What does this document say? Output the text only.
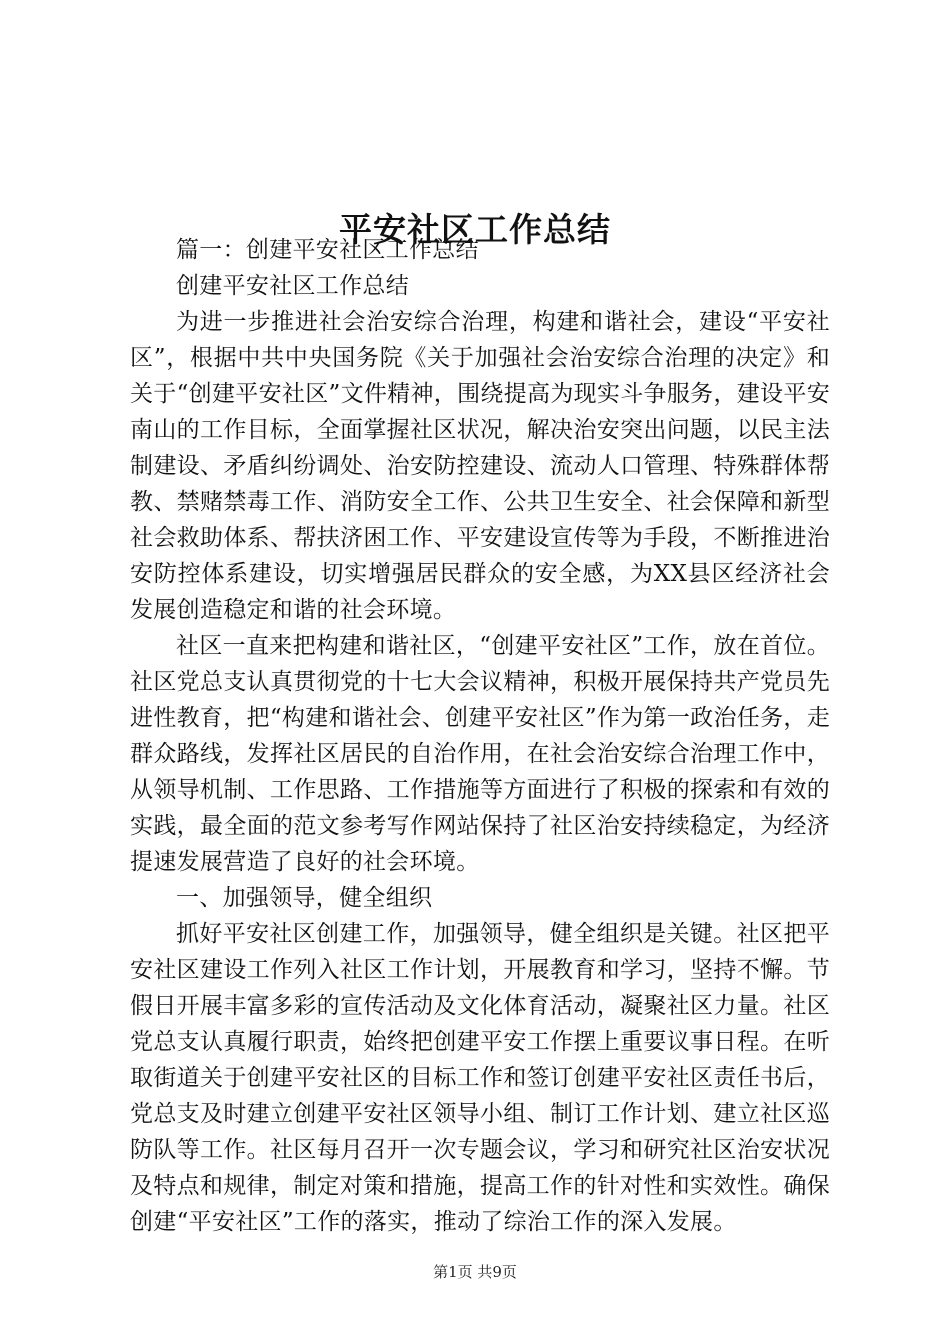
平安社区工作总结

篇一：创建平安社区工作总结

创建平安社区工作总结

为进一步推进社会治安综合治理，构建和谐社会，建设“平安社区”，根据中共中央国务院《关于加强社会治安综合治理的决定》和关于“创建平安社区”文件精神，围绕提高为现实斗争服务，建设平安南山的工作目标，全面掌握社区状况，解决治安突出问题，以民主法制建设、矛盾纠纷调处、治安防控建设、流动人口管理、特殊群体帮教、禁赌禁毒工作、消防安全工作、公共卫生安全、社会保障和新型社会救助体系、帮扶济困工作、平安建设宣传等为手段，不断推进治安防控体系建设，切实增强居民群众的安全感，为XX县区经济社会发展创造稳定和谐的社会环境。

社区一直来把构建和谐社区，“创建平安社区”工作，放在首位。社区党总支认真贯彻党的十七大会议精神，积极开展保持共产党员先进性教育，把“构建和谐社会、创建平安社区”作为第一政治任务，走群众路线，发挥社区居民的自治作用，在社会治安综合治理工作中，从领导机制、工作思路、工作措施等方面进行了积极的探索和有效的实践，最全面的范文参考写作网站保持了社区治安持续稳定，为经济提速发展营造了良好的社会环境。

一、加强领导，健全组织

抓好平安社区创建工作，加强领导，健全组织是关键。社区把平安社区建设工作列入社区工作计划，开展教育和学习，坚持不懈。节假日开展丰富多彩的宣传活动及文化体育活动，凝聚社区力量。社区党总支认真履行职责，始终把创建平安工作摆上重要议事日程。在听取街道关于创建平安社区的目标工作和签订创建平安社区责任书后，党总支及时建立创建平安社区领导小组、制订工作计划、建立社区巡防队等工作。社区每月召开一次专题会议，学习和研究社区治安状况及特点和规律，制定对策和措施，提高工作的针对性和实效性。确保创建“平安社区”工作的落实，推动了综治工作的深入发展。

第1页 共9页
